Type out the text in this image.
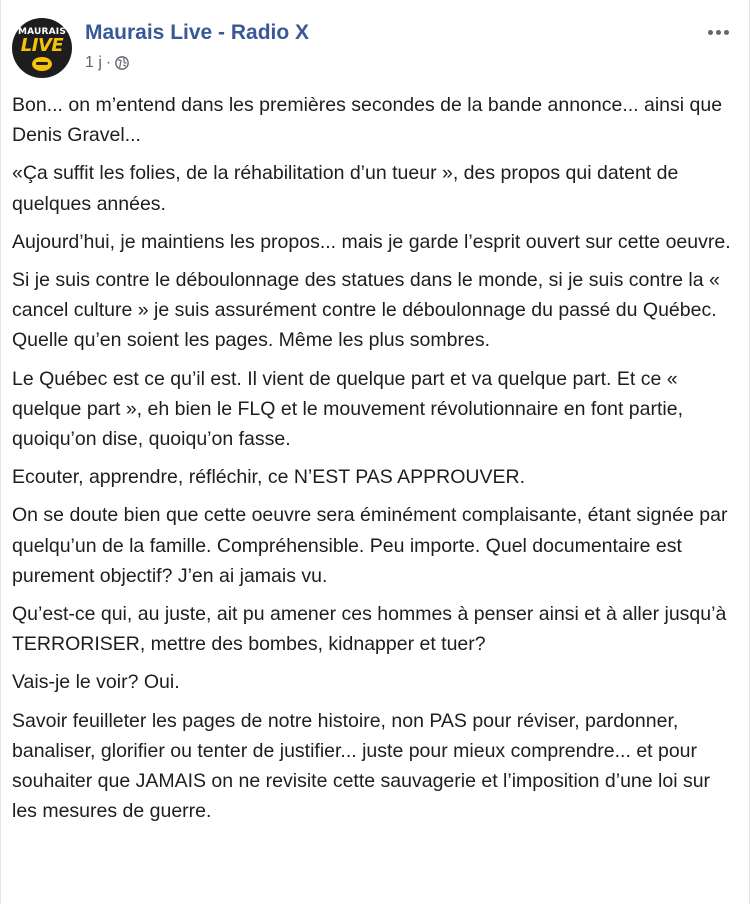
MAURAIS
LIVE
Maurais Live - Radio X
1 j ·

Bon... on m’entend dans les premières secondes de la bande annonce... ainsi que Denis Gravel...

«Ça suffit les folies, de la réhabilitation d’un tueur », des propos qui datent de quelques années.

Aujourd’hui, je maintiens les propos... mais je garde l’esprit ouvert sur cette oeuvre.

Si je suis contre le déboulonnage des statues dans le monde, si je suis contre la « cancel culture » je suis assurément contre le déboulonnage du passé du Québec. Quelle qu’en soient les pages. Même les plus sombres.

Le Québec est ce qu’il est. Il vient de quelque part et va quelque part. Et ce « quelque part », eh bien le FLQ et le mouvement révolutionnaire en font partie, quoiqu’on dise, quoiqu’on fasse.

Ecouter, apprendre, réfléchir, ce N’EST PAS APPROUVER.

On se doute bien que cette oeuvre sera éminément complaisante, étant signée par quelqu’un de la famille. Compréhensible. Peu importe. Quel documentaire est purement objectif? J’en ai jamais vu.

Qu’est-ce qui, au juste, ait pu amener ces hommes à penser ainsi et à aller jusqu’à TERRORISER, mettre des bombes, kidnapper et tuer?

Vais-je le voir? Oui.

Savoir feuilleter les pages de notre histoire, non PAS pour réviser, pardonner, banaliser, glorifier ou tenter de justifier... juste pour mieux comprendre... et pour souhaiter que JAMAIS on ne revisite cette sauvagerie et l’imposition d’une loi sur les mesures de guerre.
